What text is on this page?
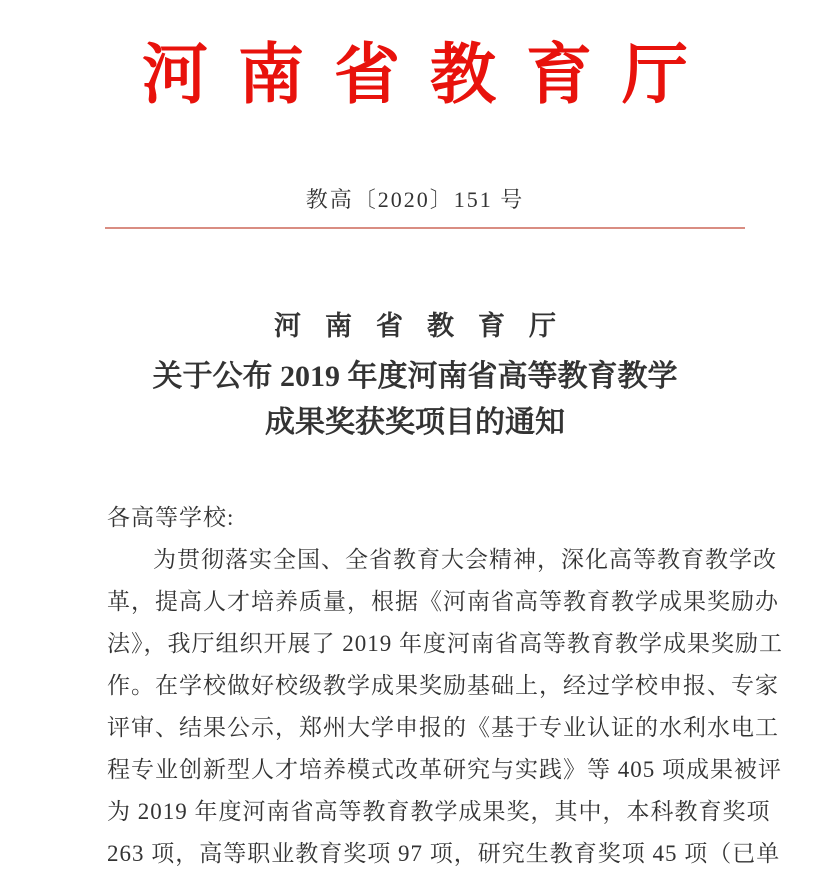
河南省教育厅
教高〔2020〕151 号
河南省教育厅
关于公布 2019 年度河南省高等教育教学
成果奖获奖项目的通知
各高等学校:
为贯彻落实全国、全省教育大会精神，深化高等教育教学改
革，提高人才培养质量，根据《河南省高等教育教学成果奖励办
法》，我厅组织开展了 2019 年度河南省高等教育教学成果奖励工
作。在学校做好校级教学成果奖励基础上，经过学校申报、专家
评审、结果公示，郑州大学申报的《基于专业认证的水利水电工
程专业创新型人才培养模式改革研究与实践》等 405 项成果被评
为 2019 年度河南省高等教育教学成果奖，其中，本科教育奖项
263 项，高等职业教育奖项 97 项，研究生教育奖项 45 项（已单
